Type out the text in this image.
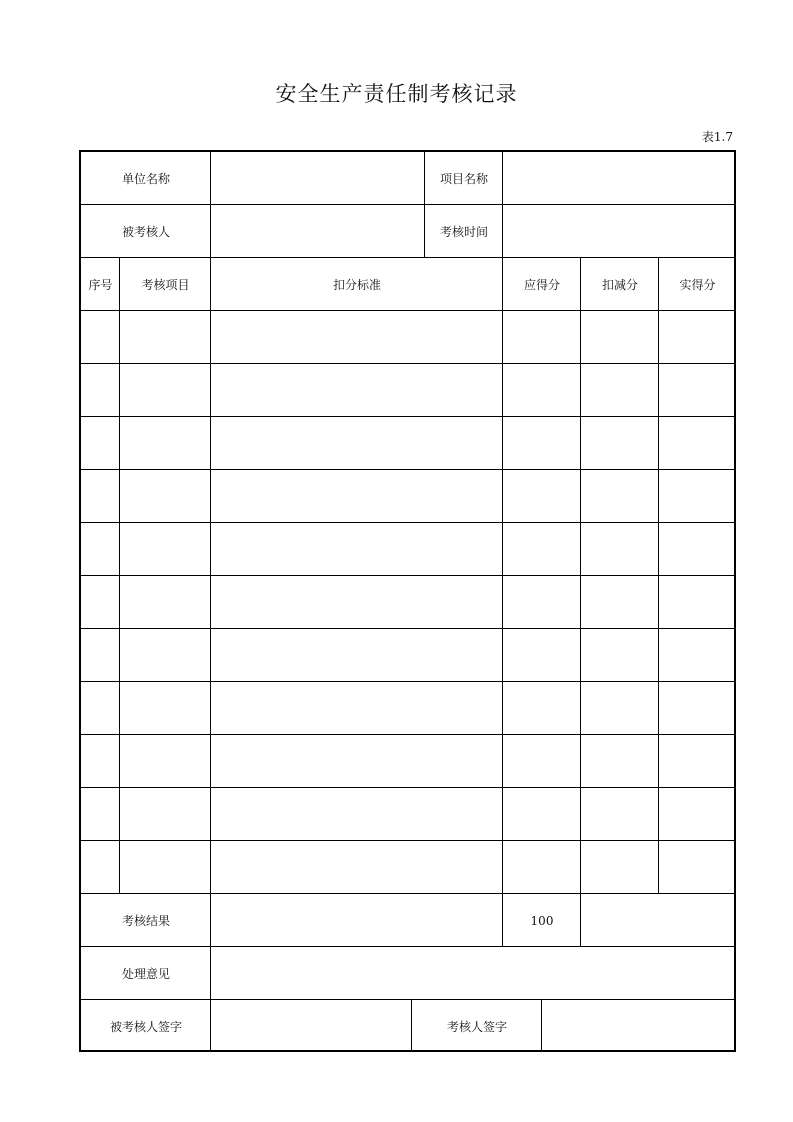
安全生产责任制考核记录
表1.7
单位名称	项目名称
被考核人	考核时间
序号	考核项目	扣分标准	应得分	扣减分	实得分
考核结果	100
处理意见
被考核人签字	考核人签字
